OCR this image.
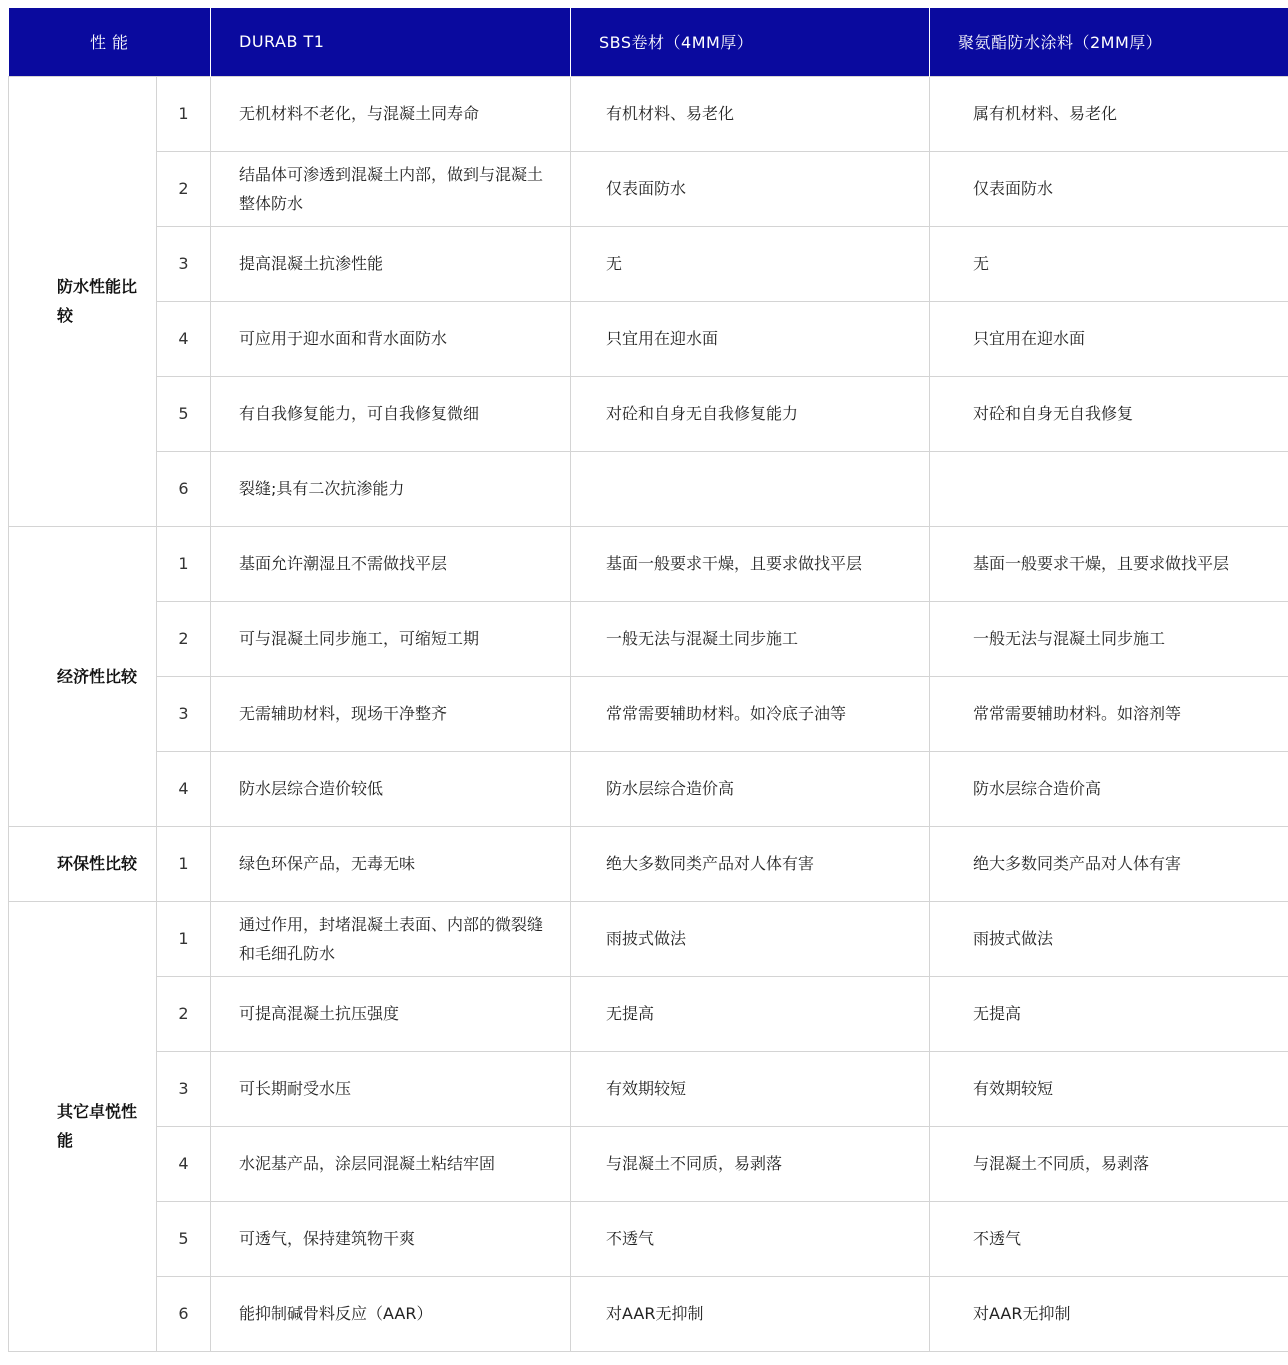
性 能		DURAB T1	SBS卷材（4MM厚）	聚氨酯防水涂料（2MM厚）
防水性能比较	1	无机材料不老化，与混凝土同寿命	有机材料、易老化	属有机材料、易老化
	2	结晶体可渗透到混凝土内部，做到与混凝土整体防水	仅表面防水	仅表面防水
	3	提高混凝土抗渗性能	无	无
	4	可应用于迎水面和背水面防水	只宜用在迎水面	只宜用在迎水面
	5	有自我修复能力，可自我修复微细	对砼和自身无自我修复能力	对砼和自身无自我修复
	6	裂缝;具有二次抗渗能力		
经济性比较	1	基面允许潮湿且不需做找平层	基面一般要求干燥，且要求做找平层	基面一般要求干燥，且要求做找平层
	2	可与混凝土同步施工，可缩短工期	一般无法与混凝土同步施工	一般无法与混凝土同步施工
	3	无需辅助材料，现场干净整齐	常常需要辅助材料。如冷底子油等	常常需要辅助材料。如溶剂等
	4	防水层综合造价较低	防水层综合造价高	防水层综合造价高
环保性比较	1	绿色环保产品，无毒无味	绝大多数同类产品对人体有害	绝大多数同类产品对人体有害
其它卓悦性能	1	通过作用，封堵混凝土表面、内部的微裂缝和毛细孔防水	雨披式做法	雨披式做法
	2	可提高混凝土抗压强度	无提高	无提高
	3	可长期耐受水压	有效期较短	有效期较短
	4	水泥基产品，涂层同混凝土粘结牢固	与混凝土不同质，易剥落	与混凝土不同质，易剥落
	5	可透气，保持建筑物干爽	不透气	不透气
	6	能抑制碱骨料反应（AAR）	对AAR无抑制	对AAR无抑制
